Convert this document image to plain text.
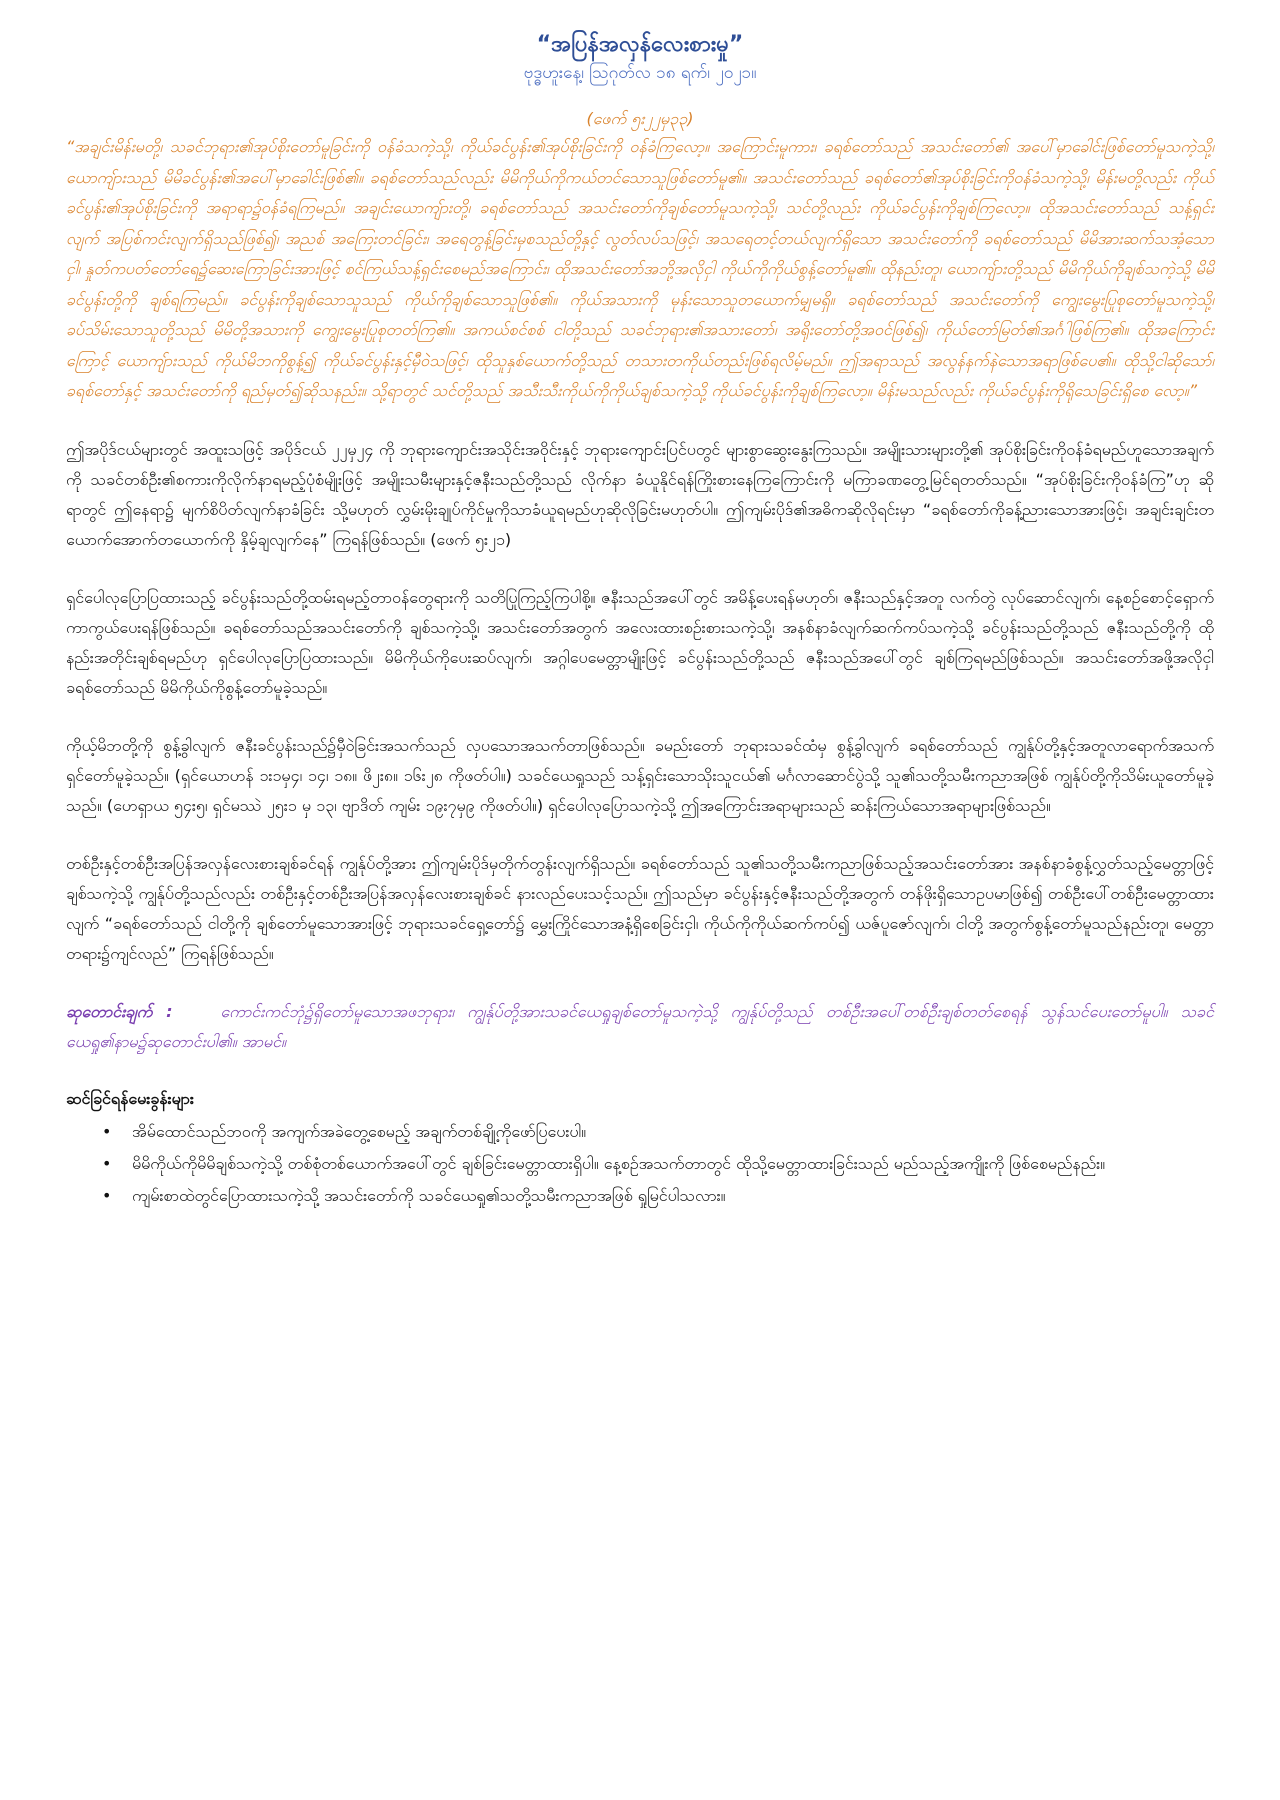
“အပြန်အလှန်လေးစားမှု”
ဗုဒ္ဓဟူးနေ့၊ ဩဂုတ်လ ၁၈ ရက်၊ ၂၀၂၁။
(ဖေက် ၅း၂၂မှ၃၃)

“အချင်းမိန်းမတို့၊ သခင်ဘုရား၏အုပ်စိုးတော်မူခြင်းကို ဝန်ခံသကဲ့သို့၊ ကိုယ်ခင်ပွန်း၏အုပ်စိုးခြင်းကို ဝန်ခံကြလော့။ အကြောင်းမူကား၊ ခရစ်တော်သည် အသင်းတော်၏ အပေါ်မှာခေါင်းဖြစ်တော်မူသကဲ့သို့၊ ယောကျ်ားသည် မိမိခင်ပွန်း၏အပေါ်မှာခေါင်းဖြစ်၏။ ခရစ်တော်သည်လည်း မိမိကိုယ်ကိုကယ်တင်သောသူဖြစ်တော်မူ၏။ အသင်းတော်သည် ခရစ်တော်၏အုပ်စိုးခြင်းကိုဝန်ခံသကဲ့သို့၊ မိန်းမတို့လည်း ကိုယ်ခင်ပွန်း၏အုပ်စိုးခြင်းကို အရာရာ၌ဝန်ခံရကြမည်။ အချင်းယောကျ်ားတို့၊ ခရစ်တော်သည် အသင်းတော်ကိုချစ်တော်မူသကဲ့သို့၊ သင်တို့လည်း ကိုယ်ခင်ပွန်းကိုချစ်ကြလော့။ ထိုအသင်းတော်သည် သန့်ရှင်းလျက် အပြစ်ကင်းလျက်ရှိသည်ဖြစ်၍၊ အညစ် အကြေးတင်ခြင်း၊ အရေတွန့်ခြင်းမှစသည်တို့နှင့် လွတ်လပ်သဖြင့်၊ အသရေတင့်တယ်လျက်ရှိသော အသင်းတော်ကို ခရစ်တော်သည် မိမိအားဆက်သအံ့သောငှါ၊ နှုတ်ကပတ်တော်ရေ၌ဆေးကြောခြင်းအားဖြင့် စင်ကြယ်သန့်ရှင်းစေမည်အကြောင်း၊ ထိုအသင်းတော်အဘို့အလိုငှါ ကိုယ်ကိုကိုယ်စွန့်တော်မူ၏။ ထိုနည်းတူ၊ ယောကျ်ားတို့သည် မိမိကိုယ်ကိုချစ်သကဲ့သို့ မိမိခင်ပွန်းတို့ကို ချစ်ရကြမည်။ ခင်ပွန်းကိုချစ်သောသူသည် ကိုယ်ကိုချစ်သောသူဖြစ်၏။ ကိုယ်အသားကို မုန်းသောသူတယောက်မျှမရှိ။ ခရစ်တော်သည် အသင်းတော်ကို ကျွေးမွေးပြုစုတော်မူသကဲ့သို့၊ ခပ်သိမ်းသောသူတို့သည် မိမိတို့အသားကို ကျွေးမွေးပြုစုတတ်ကြ၏။ အကယ်စင်စစ် ငါတို့သည် သခင်ဘုရား၏အသားတော်၊ အရိုးတော်တို့အဝင်ဖြစ်၍၊ ကိုယ်တော်မြတ်၏အင်္ဂါဖြစ်ကြ၏။ ထိုအကြောင်းကြောင့် ယောကျ်ားသည် ကိုယ်မိဘကိုစွန့်၍ ကိုယ်ခင်ပွန်းနှင့်မှီဝဲသဖြင့်၊ ထိုသူနှစ်ယောက်တို့သည် တသားတကိုယ်တည်းဖြစ်ရလိမ့်မည်။ ဤအရာသည် အလွန်နက်နဲသောအရာဖြစ်ပေ၏။ ထိုသို့ငါဆိုသော်၊ ခရစ်တော်နှင့် အသင်းတော်ကို ရည်မှတ်၍ဆိုသနည်း။ သို့ရာတွင် သင်တို့သည် အသီးသီးကိုယ်ကိုကိုယ်ချစ်သကဲ့သို့ ကိုယ်ခင်ပွန်းကိုချစ်ကြလော့။ မိန်းမသည်လည်း ကိုယ်ခင်ပွန်းကိုရိုသေခြင်းရှိစေ လော့။”

ဤအပိုဒ်ငယ်များတွင် အထူးသဖြင့် အပိုဒ်ငယ် ၂၂မှ၂၄ ကို ဘုရားကျောင်းအသိုင်းအဝိုင်းနှင့် ဘုရားကျောင်းပြင်ပတွင် များစွာဆွေးနွေးကြသည်။ အမျိုးသားများတို့၏ အုပ်စိုးခြင်းကိုဝန်ခံရမည်ဟူသောအချက်ကို သခင်တစ်ဦး၏စကားကိုလိုက်နာရမည့်ပုံစံမျိုးဖြင့် အမျိုးသမီးများနှင့်ဇနီးသည်တို့သည် လိုက်နာ ခံယူနိုင်ရန်ကြိုးစားနေကြကြောင်းကို မကြာခဏတွေ့မြင်ရတတ်သည်။ “အုပ်စိုးခြင်းကိုဝန်ခံကြ”ဟု ဆိုရာတွင် ဤနေရာ၌ မျက်စိပိတ်လျက်နာခံခြင်း သို့မဟုတ် လွှမ်းမိုးချုပ်ကိုင်မှုကိုသာခံယူရမည်ဟုဆိုလိုခြင်းမဟုတ်ပါ။ ဤကျမ်းပိုဒ်၏အဓိကဆိုလိုရင်းမှာ “ခရစ်တော်ကိုခန့်ညားသောအားဖြင့်၊ အချင်းချင်းတယောက်အောက်တယောက်ကို နှိမ့်ချလျက်နေ” ကြရန်ဖြစ်သည်။ (ဖေက် ၅း၂၁)

ရှင်ပေါလုပြောပြထားသည့် ခင်ပွန်းသည်တို့ထမ်းရမည့်တာဝန်တွေရားကို သတိပြုကြည့်ကြပါစို့။ ဇနီးသည်အပေါ်တွင် အမိန့်ပေးရန်မဟုတ်၊ ဇနီးသည်နှင့်အတူ လက်တွဲ လုပ်ဆောင်လျက်၊ နေ့စဉ်စောင့်ရှောက်ကာကွယ်ပေးရန်ဖြစ်သည်။ ခရစ်တော်သည်အသင်းတော်ကို ချစ်သကဲ့သို့၊ အသင်းတော်အတွက် အလေးထားစဉ်းစားသကဲ့သို့၊ အနစ်နာခံလျက်ဆက်ကပ်သကဲ့သို့ ခင်ပွန်းသည်တို့သည် ဇနီးသည်တို့ကို ထိုနည်းအတိုင်းချစ်ရမည်ဟု ရှင်ပေါလုပြောပြထားသည်။ မိမိကိုယ်ကိုပေးဆပ်လျက်၊ အဂ္ဂါပေမေတ္တာမျိုးဖြင့် ခင်ပွန်းသည်တို့သည် ဇနီးသည်အပေါ်တွင် ချစ်ကြရမည်ဖြစ်သည်။ အသင်းတော်အဖို့အလိုငှါ ခရစ်တော်သည် မိမိကိုယ်ကိုစွန့်တော်မူခဲ့သည်။

ကိုယ့်မိဘတို့ကို စွန့်ခွါလျက် ဇနီးခင်ပွန်းသည်၌မှီဝဲခြင်းအသက်သည် လှပသောအသက်တာဖြစ်သည်။ ခမည်းတော် ဘုရားသခင်ထံမှ စွန့်ခွါလျက် ခရစ်တော်သည် ကျွန်ုပ်တို့နှင့်အတူလာရောက်အသက်ရှင်တော်မူခဲ့သည်။ (ရှင်ယောဟန် ၁း၁မှ၄၊ ၁၄၊ ၁၈။ ဖိ၂း၈။ ၁၆း၂၈ ကိုဖတ်ပါ။) သခင်ယေရှုသည် သန့်ရှင်းသောသိုးသူငယ်၏ မင်္ဂလာဆောင်ပွဲသို့ သူ၏သတို့သမီးကညာအဖြစ် ကျွန်ုပ်တို့ကိုသိမ်းယူတော်မူခဲ့သည်။ (ဟေရှာယ ၅၄း၅၊ ရှင်မဿဲ ၂၅း၁ မှ ၁၃၊ ဗျာဒိတ် ကျမ်း ၁၉း၇မှ၉ ကိုဖတ်ပါ။) ရှင်ပေါလုပြောသကဲ့သို့ ဤအကြောင်းအရာများသည် ဆန်းကြယ်သောအရာများဖြစ်သည်။

တစ်ဦးနှင့်တစ်ဦးအပြန်အလှန်လေးစားချစ်ခင်ရန် ကျွန်ုပ်တို့အား ဤကျမ်းပိုဒ်မှတိုက်တွန်းလျက်ရှိသည်။ ခရစ်တော်သည် သူ၏သတို့သမီးကညာဖြစ်သည့်အသင်းတော်အား အနစ်နာခံစွန့်လွှတ်သည့်မေတ္တာဖြင့် ချစ်သကဲ့သို့ ကျွန်ုပ်တို့သည်လည်း တစ်ဦးနှင့်တစ်ဦးအပြန်အလှန်လေးစားချစ်ခင် နားလည်ပေးသင့်သည်။ ဤသည်မှာ ခင်ပွန်းနှင့်ဇနီးသည်တို့အတွက် တန်ဖိုးရှိသောဥပမာဖြစ်၍ တစ်ဦးပေါ်တစ်ဦးမေတ္တာထားလျက် “ခရစ်တော်သည် ငါတို့ကို ချစ်တော်မူသောအားဖြင့် ဘုရားသခင်ရှေ့တော်၌ မွှေးကြိုင်သောအနံ့ရှိစေခြင်းငှါ၊ ကိုယ်ကိုကိုယ်ဆက်ကပ်၍ ယဇ်ပူဇော်လျက်၊ ငါတို့ အတွက်စွန့်တော်မူသည်နည်းတူ၊ မေတ္တာတရား၌ကျင်လည်” ကြရန်ဖြစ်သည်။

ဆုတောင်းချက် :	ကောင်းကင်ဘုံ၌ရှိတော်မူသောအဖဘုရား၊ ကျွန်ုပ်တို့အားသခင်ယေရှုချစ်တော်မူသကဲ့သို့ ကျွန်ုပ်တို့သည် တစ်ဦးအပေါ်တစ်ဦးချစ်တတ်စေရန် သွန်သင်ပေးတော်မူပါ။ သခင်ယေရှု၏နာမ၌ဆုတောင်းပါ၏။ အာမင်။

ဆင်ခြင်ရန်မေးခွန်းများ
• အိမ်ထောင်သည်ဘဝကို အကျက်အခဲတွေ့စေမည့် အချက်တစ်ချို့ကိုဖော်ပြပေးပါ။
• မိမိကိုယ်ကိုမိမိချစ်သကဲ့သို့ တစ်စုံတစ်ယောက်အပေါ်တွင် ချစ်ခြင်းမေတ္တာထားရှိပါ။ နေ့စဉ်အသက်တာတွင် ထိုသို့မေတ္တာထားခြင်းသည် မည်သည့်အကျိုးကို ဖြစ်စေမည်နည်း။
• ကျမ်းစာထဲတွင်ပြောထားသကဲ့သို့ အသင်းတော်ကို သခင်ယေရှု၏သတို့သမီးကညာအဖြစ် ရှုမြင်ပါသလား။
